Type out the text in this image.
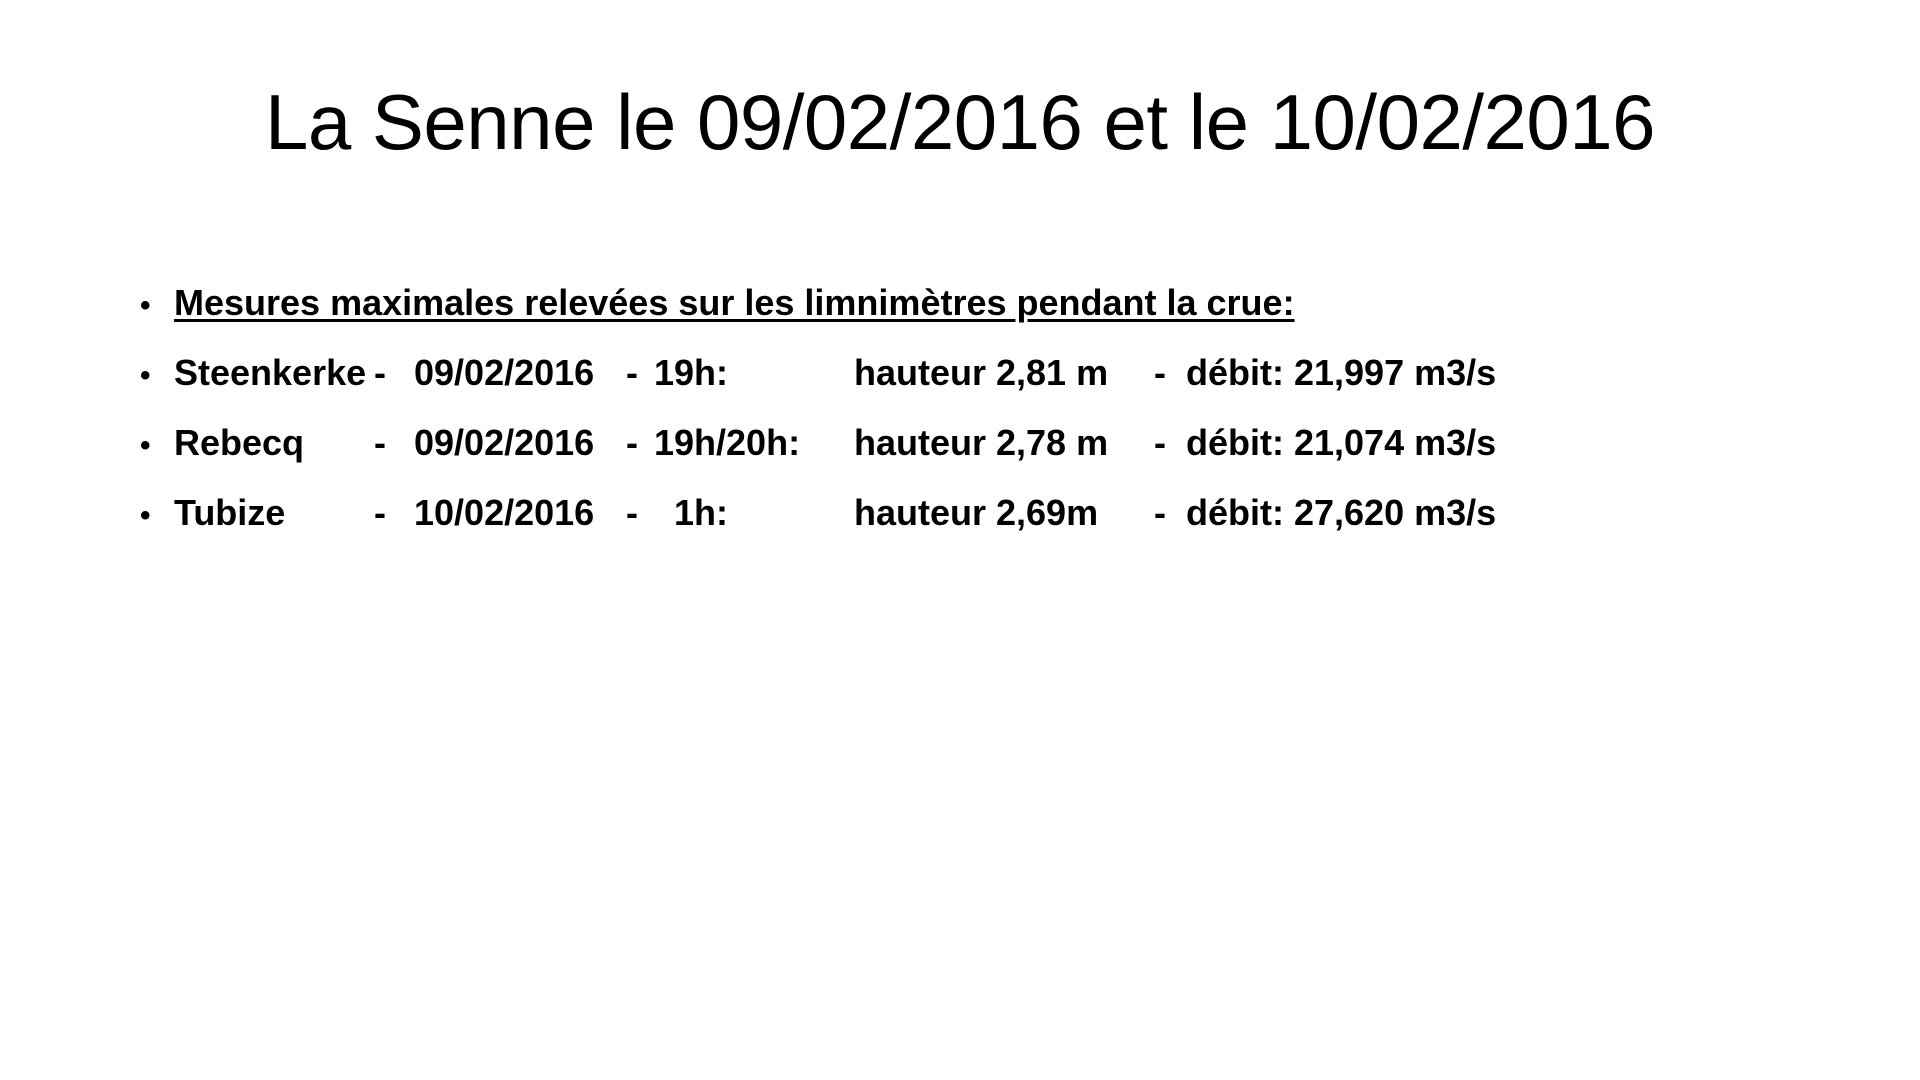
La Senne le 09/02/2016 et le 10/02/2016
• Mesures maximales relevées sur les limnimètres pendant la crue:
• Steenkerke - 09/02/2016 - 19h:	hauteur 2,81 m	- débit: 21,997 m3/s
• Rebecq	- 09/02/2016 - 19h/20h:	hauteur 2,78 m	- débit: 21,074 m3/s
• Tubize	- 10/02/2016 - 1h:	hauteur 2,69m	- débit: 27,620 m3/s
